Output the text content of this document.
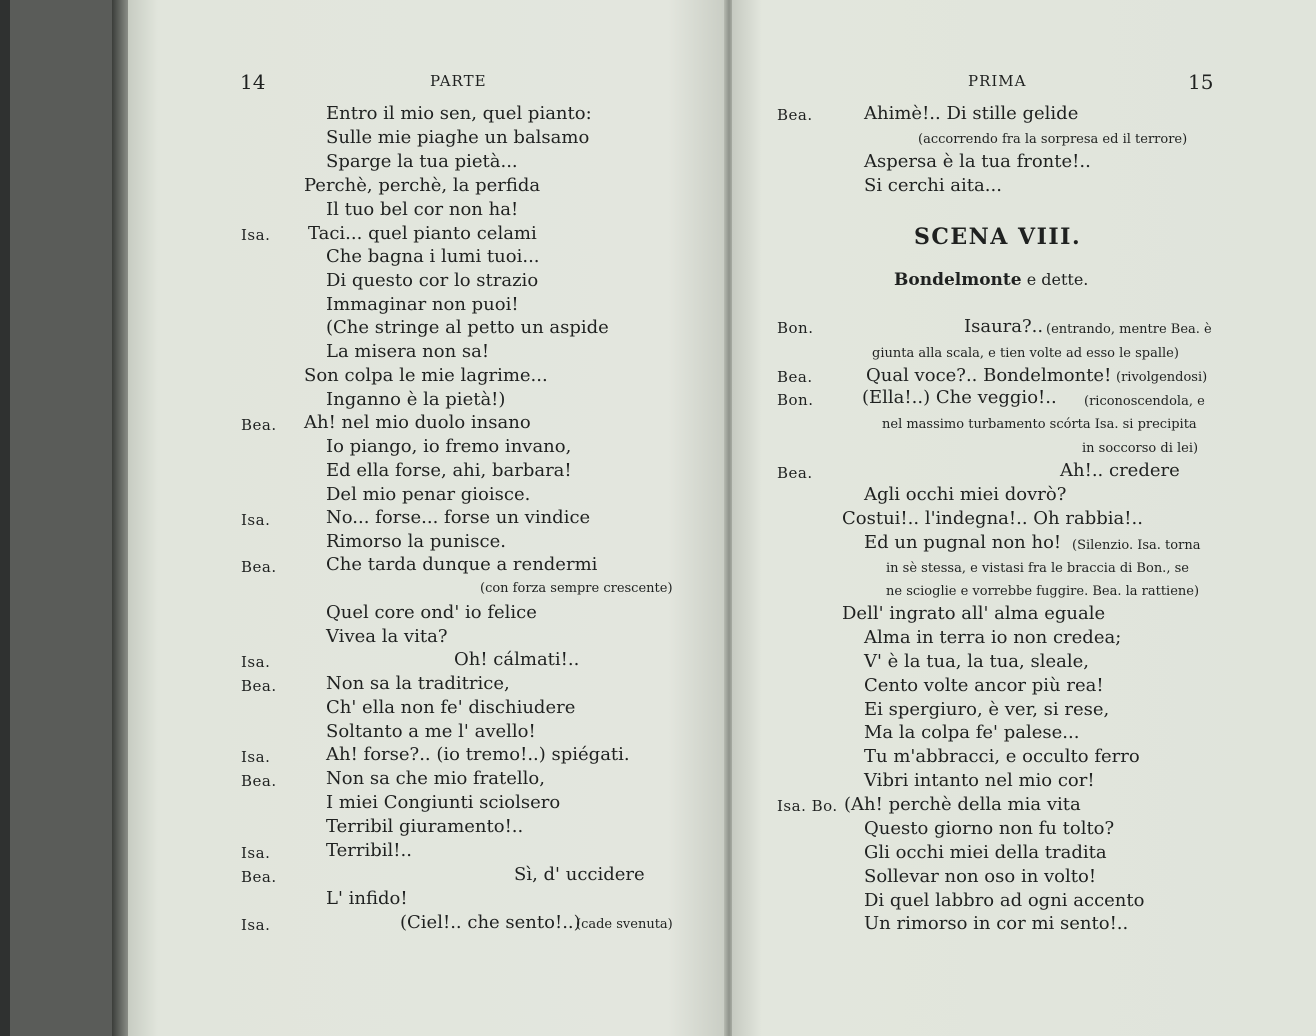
14	PARTE
Entro il mio sen, quel pianto:
Sulle mie piaghe un balsamo
Sparge la tua pietà...
Perchè, perchè, la perfida
Il tuo bel cor non ha!
Isa. Taci... quel pianto celami
Che bagna i lumi tuoi...
Di questo cor lo strazio
Immaginar non puoi!
(Che stringe al petto un aspide
La misera non sa!
Son colpa le mie lagrime...
Inganno è la pietà!)
Bea. Ah! nel mio duolo insano
Io piango, io fremo invano,
Ed ella forse, ahi, barbara!
Del mio penar gioisce.
Isa.	No... forse... forse un vindice
Rimorso la punisce.
Bea.	Che tarda dunque a rendermi
(con forza sempre crescente)
Quel core ond' io felice
Vivea la vita?
Isa.	Oh! cálmati!..
Bea.	Non sa la traditrice,
Ch' ella non fe' dischiudere
Soltanto a me l' avello!
Isa.	Ah! forse?.. (io tremo!..) spiégati.
Bea.	Non sa che mio fratello,
I miei Congiunti sciolsero
Terribil giuramento!..
Isa.	Terribil!..
Bea.	Sì, d' uccidere
L' infido!
Isa.	(Ciel!.. che sento!..)
(cade svenuta)
PRIMA	15
Bea.	Ahimè!.. Di stille gelide
(accorrendo fra la sorpresa ed il terrore)
Aspersa è la tua fronte!..
Si cerchi aita...
SCENA VIII.
Bondelmonte e dette.
Bon.	Isaura?.. (entrando, mentre Bea. è
giunta alla scala, e tien volte ad esso le spalle)
Bea.	Qual voce?.. Bondelmonte! (rivolgendosi)
Bon.	(Ella!..) Che veggio!.. (riconoscendola, e
nel massimo turbamento scórta Isa. si precipita
in soccorso di lei)
Bea.	Ah!.. credere
Agli occhi miei dovrò?
Costui!.. l'indegna!.. Oh rabbia!..
Ed un pugnal non ho! (Silenzio. Isa. torna
in sè stessa, e vistasi fra le braccia di Bon., se
ne scioglie e vorrebbe fuggire. Bea. la rattiene)
Dell' ingrato all' alma eguale
Alma in terra io non credea;
V' è la tua, la tua, sleale,
Cento volte ancor più rea!
Ei spergiuro, è ver, si rese,
Ma la colpa fe' palese...
Tu m'abbracci, e occulto ferro
Vibri intanto nel mio cor!
Isa. Bo. (Ah! perchè della mia vita
Questo giorno non fu tolto?
Gli occhi miei della tradita
Sollevar non oso in volto!
Di quel labbro ad ogni accento
Un rimorso in cor mi sento!..
